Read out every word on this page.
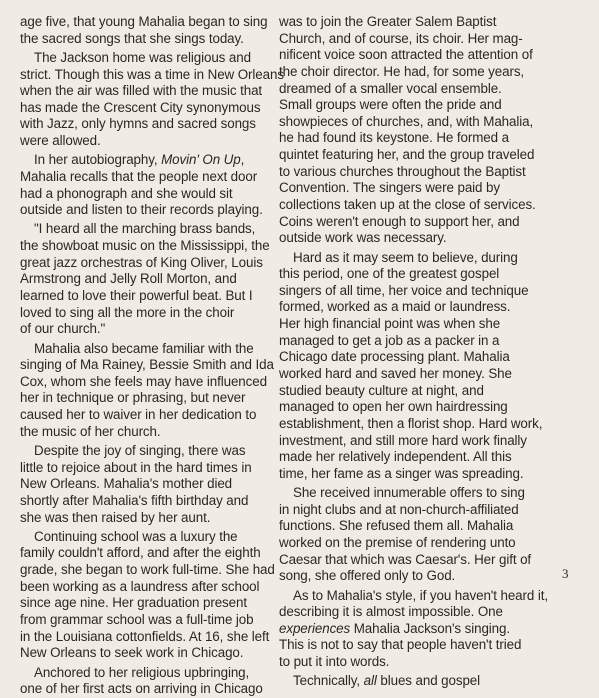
age five, that young Mahalia began to sing
the sacred songs that she sings today.
The Jackson home was religious and
strict. Though this was a time in New Orleans
when the air was filled with the music that
has made the Crescent City synonymous
with Jazz, only hymns and sacred songs
were allowed.
In her autobiography, Movin' On Up,
Mahalia recalls that the people next door
had a phonograph and she would sit
outside and listen to their records playing.
"I heard all the marching brass bands,
the showboat music on the Mississippi, the
great jazz orchestras of King Oliver, Louis
Armstrong and Jelly Roll Morton, and
learned to love their powerful beat. But I
loved to sing all the more in the choir
of our church."
Mahalia also became familiar with the
singing of Ma Rainey, Bessie Smith and Ida
Cox, whom she feels may have influenced
her in technique or phrasing, but never
caused her to waiver in her dedication to
the music of her church.
Despite the joy of singing, there was
little to rejoice about in the hard times in
New Orleans. Mahalia's mother died
shortly after Mahalia's fifth birthday and
she was then raised by her aunt.
Continuing school was a luxury the
family couldn't afford, and after the eighth
grade, she began to work full-time. She had
been working as a laundress after school
since age nine. Her graduation present
from grammar school was a full-time job
in the Louisiana cottonfields. At 16, she left
New Orleans to seek work in Chicago.
Anchored to her religious upbringing,
one of her first acts on arriving in Chicago
was to join the Greater Salem Baptist
Church, and of course, its choir. Her mag-
nificent voice soon attracted the attention of
the choir director. He had, for some years,
dreamed of a smaller vocal ensemble.
Small groups were often the pride and
showpieces of churches, and, with Mahalia,
he had found its keystone. He formed a
quintet featuring her, and the group traveled
to various churches throughout the Baptist
Convention. The singers were paid by
collections taken up at the close of services.
Coins weren't enough to support her, and
outside work was necessary.
Hard as it may seem to believe, during
this period, one of the greatest gospel
singers of all time, her voice and technique
formed, worked as a maid or laundress.
Her high financial point was when she
managed to get a job as a packer in a
Chicago date processing plant. Mahalia
worked hard and saved her money. She
studied beauty culture at night, and
managed to open her own hairdressing
establishment, then a florist shop. Hard work,
investment, and still more hard work finally
made her relatively independent. All this
time, her fame as a singer was spreading.
She received innumerable offers to sing
in night clubs and at non-church-affiliated
functions. She refused them all. Mahalia
worked on the premise of rendering unto
Caesar that which was Caesar's. Her gift of
song, she offered only to God.
As to Mahalia's style, if you haven't heard it,
describing it is almost impossible. One
experiences Mahalia Jackson's singing.
This is not to say that people haven't tried
to put it into words.
Technically, all blues and gospel
3
